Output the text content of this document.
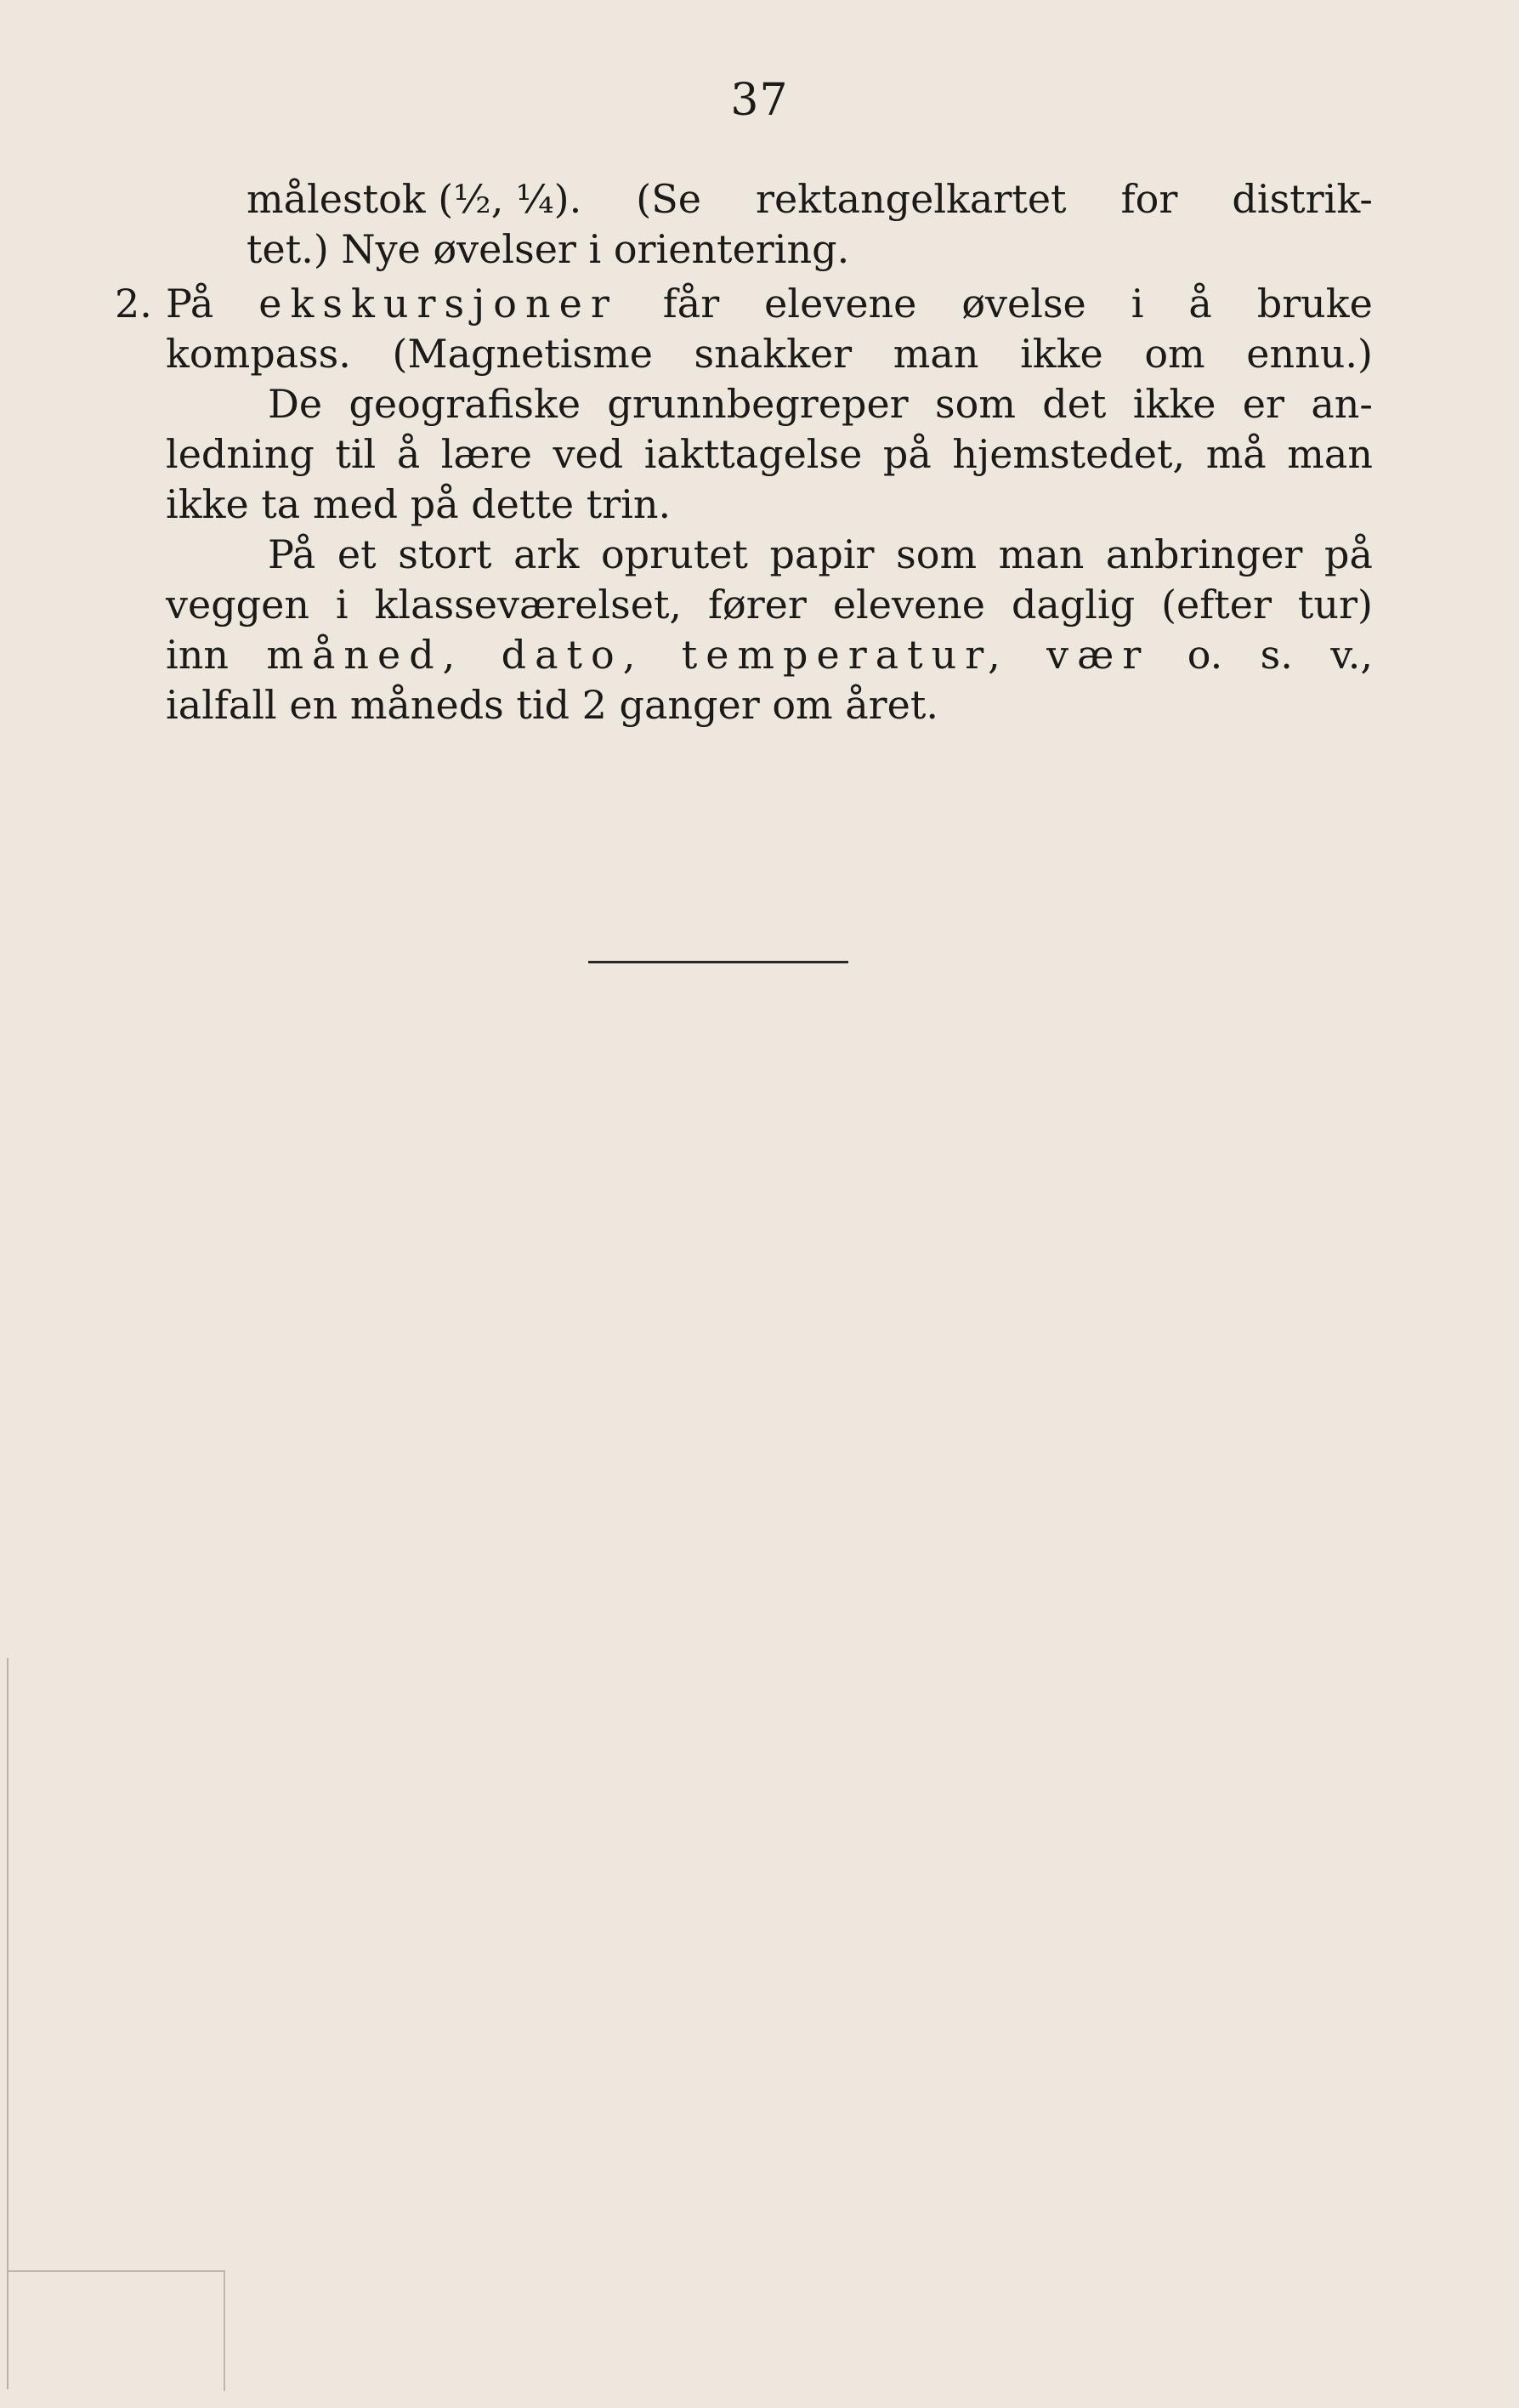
37
målestok (½, ¼). (Se rektangelkartet for distrik-
tet.) Nye øvelser i orientering.
2. På ekskursjoner får elevene øvelse i å bruke
kompass. (Magnetisme snakker man ikke om ennu.)
De geografiske grunnbegreper som det ikke er an-
ledning til å lære ved iakttagelse på hjemstedet, må man
ikke ta med på dette trin.
På et stort ark oprutet papir som man anbringer på
veggen i klasseværelset, fører elevene daglig (efter tur)
inn måned, dato, temperatur, vær o. s. v.,
ialfall en måneds tid 2 ganger om året.
